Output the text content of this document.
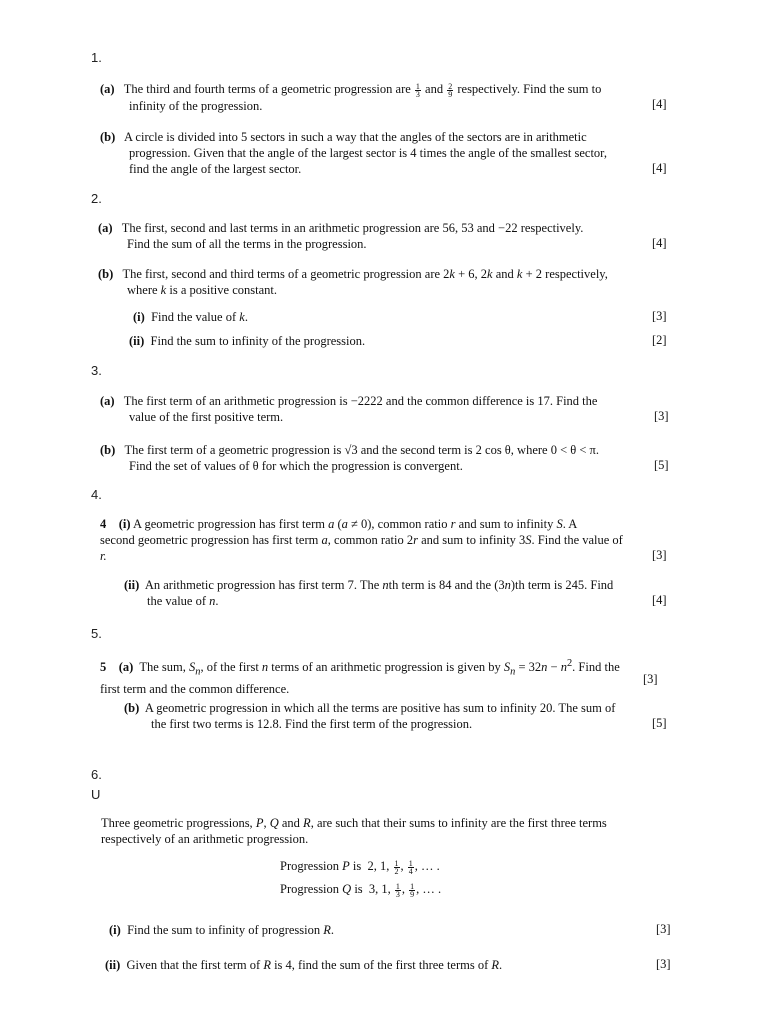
1.
(a) The third and fourth terms of a geometric progression are $\frac{1}{3}$ and $\frac{2}{9}$ respectively. Find the sum to
infinity of the progression.	[4]
(b) A circle is divided into 5 sectors in such a way that the angles of the sectors are in arithmetic
progression. Given that the angle of the largest sector is 4 times the angle of the smallest sector,
find the angle of the largest sector.	[4]
2.
(a) The first, second and last terms in an arithmetic progression are 56, 53 and −22 respectively.
Find the sum of all the terms in the progression.	[4]
(b) The first, second and third terms of a geometric progression are 2k + 6, 2k and k + 2 respectively,
where k is a positive constant.
(i) Find the value of k.	[3]
(ii) Find the sum to infinity of the progression.	[2]
3.
(a) The first term of an arithmetic progression is −2222 and the common difference is 17. Find the
value of the first positive term.	[3]
(b) The first term of a geometric progression is √3 and the second term is 2 cos θ, where 0 < θ < π.
Find the set of values of θ for which the progression is convergent.	[5]
4.
4 (i) A geometric progression has first term a (a ≠ 0), common ratio r and sum to infinity S. A
second geometric progression has first term a, common ratio 2r and sum to infinity 3S. Find the value of
r.	[3]
(ii) An arithmetic progression has first term 7. The nth term is 84 and the (3n)th term is 245. Find
the value of n.	[4]
5.
5 (a) The sum, $S_n$, of the first n terms of an arithmetic progression is given by $S_n = 32n - n^2$. Find the
first term and the common difference.
[3]
(b) A geometric progression in which all the terms are positive has sum to infinity 20. The sum of
the first two terms is 12.8. Find the first term of the progression.	[5]
6.
U
Three geometric progressions, P, Q and R, are such that their sums to infinity are the first three terms
respectively of an arithmetic progression.
Progression P is 2, 1, $\frac{1}{2}$ , $\frac{1}{4}$ , … .
Progression Q is 3, 1, $\frac{1}{3}$ , $\frac{1}{9}$ , … .
(i) Find the sum to infinity of progression R.	[3]
(ii) Given that the first term of R is 4, find the sum of the first three terms of R.	[3]
